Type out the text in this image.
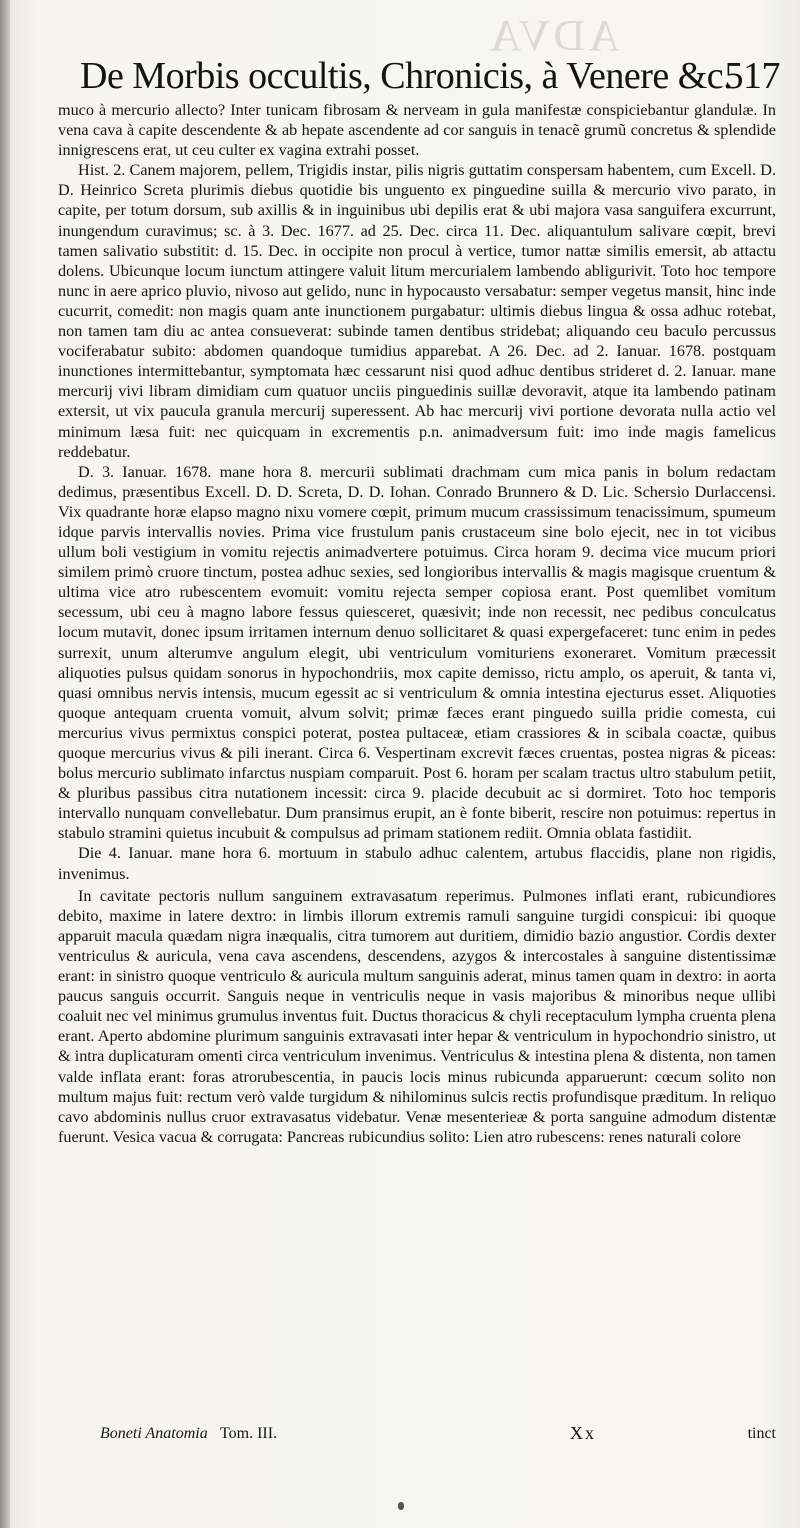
ADVA
De Morbis occultis, Chronicis, à Venere &c.
517

muco à mercurio allecto? Inter tunicam fibrosam & nerveam in gula manifestæ conspiciebantur glandulæ. In vena cava à capite descendente & ab hepate ascendente ad cor sanguis in tenacẽ grumũ concretus & splendide innigrescens erat, ut ceu culter ex vagina extrahi posset.

Hist. 2. Canem majorem, pellem, Trigidis instar, pilis nigris guttatim conspersam habentem, cum Excell. D. D. Heinrico Screta plurimis diebus quotidie bis unguento ex pinguedine suilla & mercurio vivo parato, in capite, per totum dorsum, sub axillis & in inguinibus ubi depilis erat & ubi majora vasa sanguifera excurrunt, inungendum curavimus; sc. à 3. Dec. 1677. ad 25. Dec. circa 11. Dec. aliquantulum salivare cœpit, brevi tamen salivatio substitit: d. 15. Dec. in occipite non procul à vertice, tumor nattæ similis emersit, ab attactu dolens. Ubicunque locum iunctum attingere valuit litum mercurialem lambendo abligurivit. Toto hoc tempore nunc in aere aprico pluvio, nivoso aut gelido, nunc in hypocausto versabatur: semper vegetus mansit, hinc inde cucurrit, comedit: non magis quam ante inunctionem purgabatur: ultimis diebus lingua & ossa adhuc rotebat, non tamen tam diu ac antea consueverat: subinde tamen dentibus stridebat; aliquando ceu baculo percussus vociferabatur subito: abdomen quandoque tumidius apparebat. A 26. Dec. ad 2. Ianuar. 1678. postquam inunctiones intermittebantur, symptomata hæc cessarunt nisi quod adhuc dentibus strideret d. 2. Ianuar. mane mercurij vivi libram dimidiam cum quatuor unciis pinguedinis suillæ devoravit, atque ita lambendo patinam extersit, ut vix paucula granula mercurij superessent. Ab hac mercurij vivi portione devorata nulla actio vel minimum læsa fuit: nec quicquam in excrementis p.n. animadversum fuit: imo inde magis famelicus reddebatur.

D. 3. Ianuar. 1678. mane hora 8. mercurii sublimati drachmam cum mica panis in bolum redactam dedimus, præsentibus Excell. D. D. Screta, D. D. Iohan. Conrado Brunnero & D. Lic. Schersio Durlaccensi. Vix quadrante horæ elapso magno nixu vomere cœpit, primum mucum crassissimum tenacissimum, spumeum idque parvis intervallis novies. Prima vice frustulum panis crustaceum sine bolo ejecit, nec in tot vicibus ullum boli vestigium in vomitu rejectis animadvertere potuimus. Circa horam 9. decima vice mucum priori similem primò cruore tinctum, postea adhuc sexies, sed longioribus intervallis & magis magisque cruentum & ultima vice atro rubescentem evomuit: vomitu rejecta semper copiosa erant. Post quemlibet vomitum secessum, ubi ceu à magno labore fessus quiesceret, quæsivit; inde non recessit, nec pedibus conculcatus locum mutavit, donec ipsum irritamen internum denuo sollicitaret & quasi expergefaceret: tunc enim in pedes surrexit, unum alterumve angulum elegit, ubi ventriculum vomituriens exoneraret. Vomitum præcessit aliquoties pulsus quidam sonorus in hypochondriis, mox capite demisso, rictu amplo, os aperuit, & tanta vi, quasi omnibus nervis intensis, mucum egessit ac si ventriculum & omnia intestina ejecturus esset. Aliquoties quoque antequam cruenta vomuit, alvum solvit; primæ fæces erant pinguedo suilla pridie comesta, cui mercurius vivus permixtus conspici poterat, postea pultaceæ, etiam crassiores & in scibala coactæ, quibus quoque mercurius vivus & pili inerant. Circa 6. Vespertinam excrevit fæces cruentas, postea nigras & piceas: bolus mercurio sublimato infarctus nuspiam comparuit. Post 6. horam per scalam tractus ultro stabulum petiit, & pluribus passibus citra nutationem incessit: circa 9. placide decubuit ac si dormiret. Toto hoc temporis intervallo nunquam convellebatur. Dum pransimus erupit, an è fonte biberit, rescire non potuimus: repertus in stabulo stramini quietus incubuit & compulsus ad primam stationem rediit. Omnia oblata fastidiit.

Die 4. Ianuar. mane hora 6. mortuum in stabulo adhuc calentem, artubus flaccidis, plane non rigidis, invenimus.

In cavitate pectoris nullum sanguinem extravasatum reperimus. Pulmones inflati erant, rubicundiores debito, maxime in latere dextro: in limbis illorum extremis ramuli sanguine turgidi conspicui: ibi quoque apparuit macula quædam nigra inæqualis, citra tumorem aut duritiem, dimidio bazio angustior. Cordis dexter ventriculus & auricula, vena cava ascendens, descendens, azygos & intercostales à sanguine distentissimæ erant: in sinistro quoque ventriculo & auricula multum sanguinis aderat, minus tamen quam in dextro: in aorta paucus sanguis occurrit. Sanguis neque in ventriculis neque in vasis majoribus & minoribus neque ullibi coaluit nec vel minimus grumulus inventus fuit. Ductus thoracicus & chyli receptaculum lympha cruenta plena erant. Aperto abdomine plurimum sanguinis extravasati inter hepar & ventriculum in hypochondrio sinistro, ut & intra duplicaturam omenti circa ventriculum invenimus. Ventriculus & intestina plena & distenta, non tamen valde inflata erant: foras atrorubescentia, in paucis locis minus rubicunda apparuerunt: cœcum solito non multum majus fuit: rectum verò valde turgidum & nihilominus sulcis rectis profundisque præditum. In reliquo cavo abdominis nullus cruor extravasatus videbatur. Venæ mesenterieæ & porta sanguine admodum distentæ fuerunt. Vesica vacua & corrugata: Pancreas rubicundius solito: Lien atro rubescens: renes naturali colore

Boneti Anatomia Tom. III.	Xx	tinct
